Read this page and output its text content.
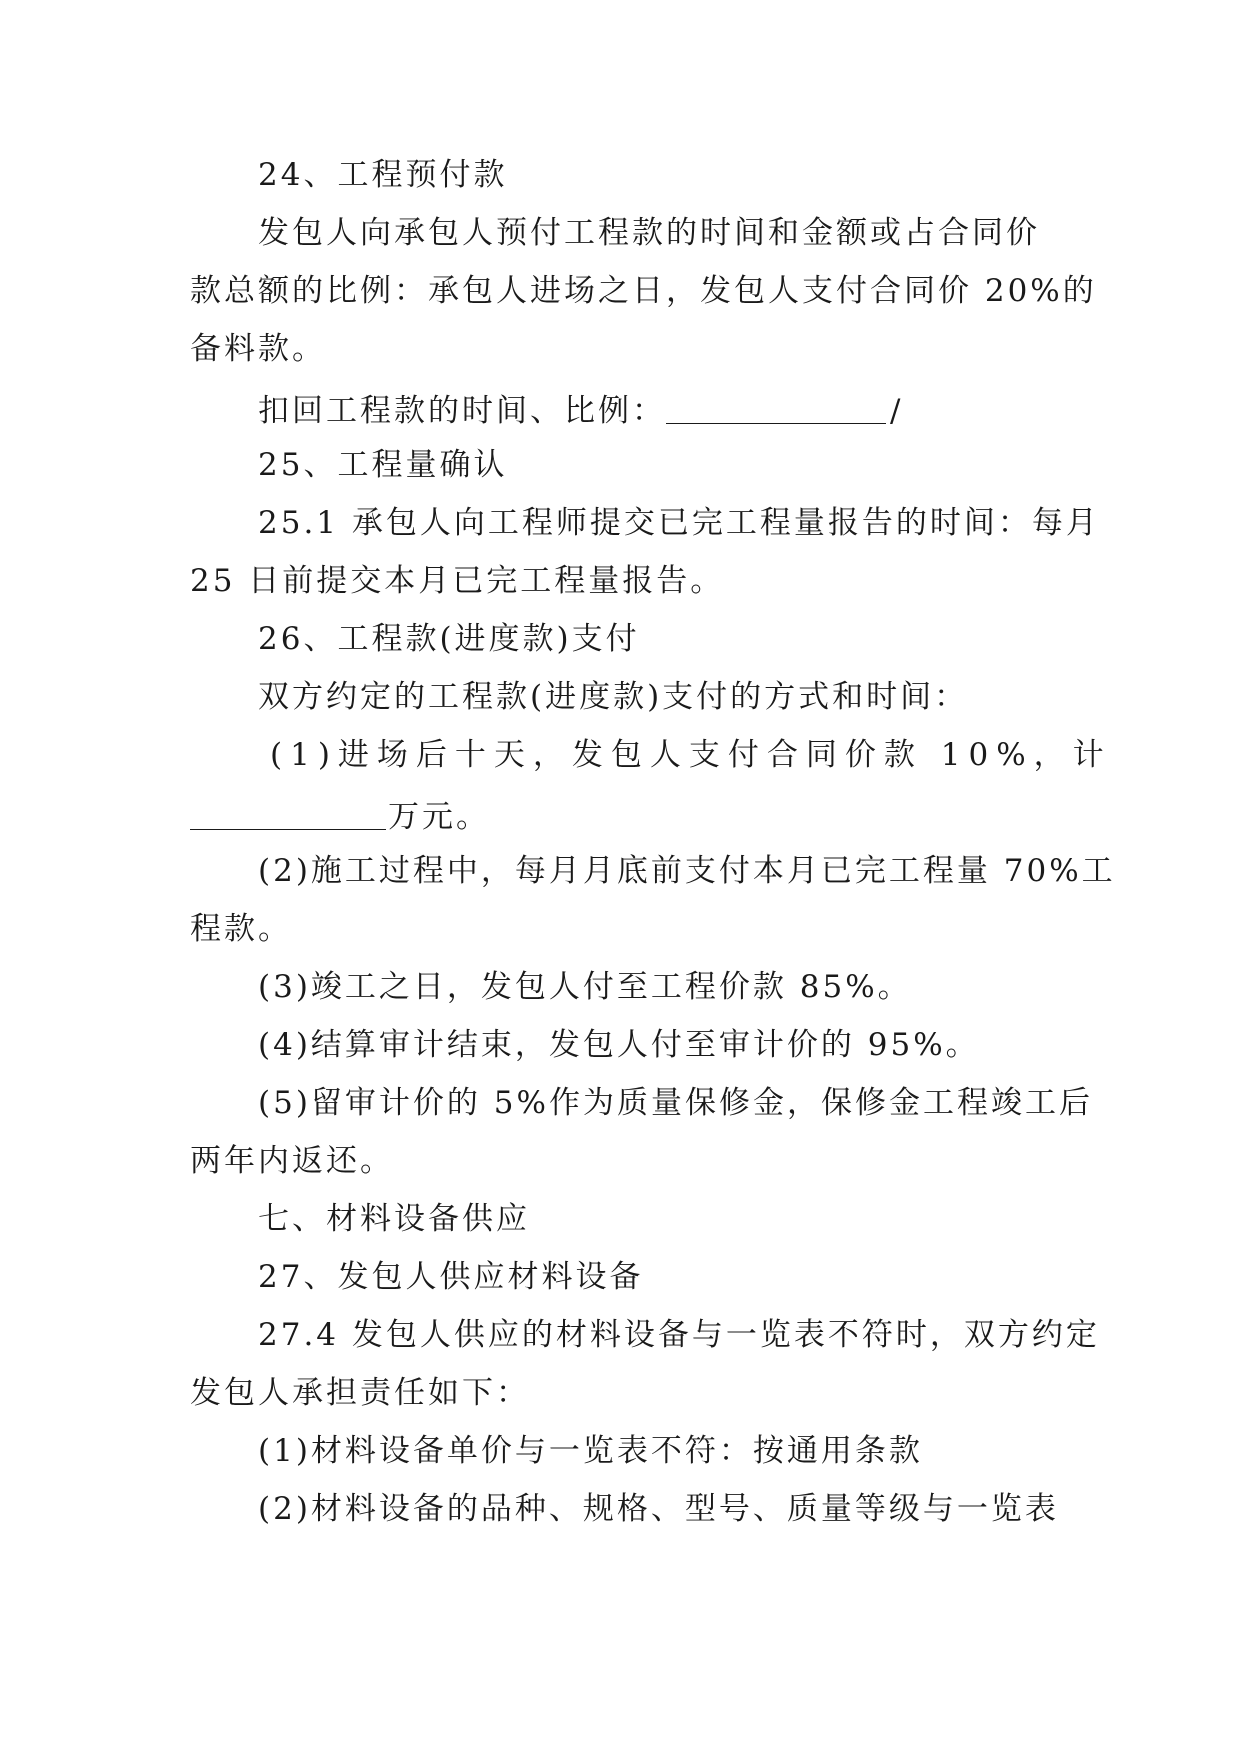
24、工程预付款
发包人向承包人预付工程款的时间和金额或占合同价
款总额的比例：承包人进场之日，发包人支付合同价 20%的
备料款。
扣回工程款的时间、比例：	/
25、工程量确认
25.1 承包人向工程师提交已完工程量报告的时间：每月
25 日前提交本月已完工程量报告。
26、工程款(进度款)支付
双方约定的工程款(进度款)支付的方式和时间：
(1)进场后十天，发包人支付合同价款 10%，计
万元。
(2)施工过程中，每月月底前支付本月已完工程量 70%工
程款。
(3)竣工之日，发包人付至工程价款 85%。
(4)结算审计结束，发包人付至审计价的 95%。
(5)留审计价的 5%作为质量保修金，保修金工程竣工后
两年内返还。
七、材料设备供应
27、发包人供应材料设备
27.4 发包人供应的材料设备与一览表不符时，双方约定
发包人承担责任如下：
(1)材料设备单价与一览表不符：按通用条款
(2)材料设备的品种、规格、型号、质量等级与一览表
